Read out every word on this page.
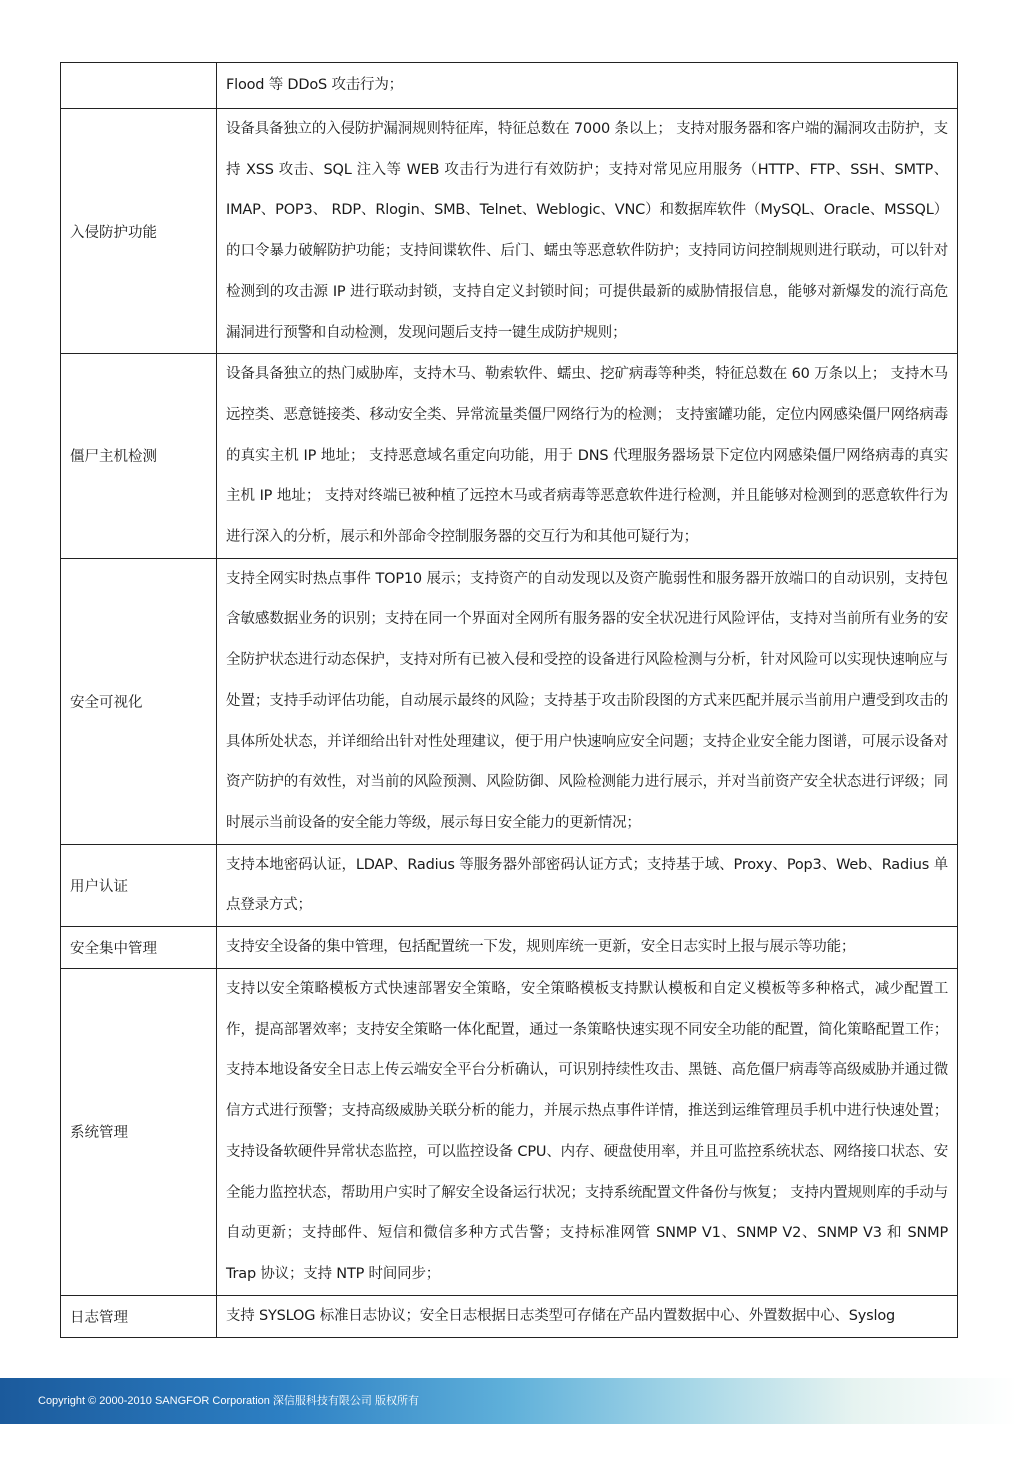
	Flood 等 DDoS 攻击行为；
入侵防护功能	设备具备独立的入侵防护漏洞规则特征库，特征总数在 7000 条以上； 支持对服务器和客户端的漏洞攻击防护，支持 XSS 攻击、SQL 注入等 WEB 攻击行为进行有效防护；支持对常见应用服务（HTTP、FTP、SSH、SMTP、IMAP、POP3、 RDP、Rlogin、SMB、Telnet、Weblogic、VNC）和数据库软件（MySQL、Oracle、MSSQL）的口令暴力破解防护功能；支持间谍软件、后门、蠕虫等恶意软件防护；支持同访问控制规则进行联动，可以针对检测到的攻击源 IP 进行联动封锁，支持自定义封锁时间；可提供最新的威胁情报信息，能够对新爆发的流行高危漏洞进行预警和自动检测，发现问题后支持一键生成防护规则；
僵尸主机检测	设备具备独立的热门威胁库，支持木马、勒索软件、蠕虫、挖矿病毒等种类，特征总数在 60 万条以上； 支持木马远控类、恶意链接类、移动安全类、异常流量类僵尸网络行为的检测； 支持蜜罐功能，定位内网感染僵尸网络病毒的真实主机 IP 地址； 支持恶意域名重定向功能，用于 DNS 代理服务器场景下定位内网感染僵尸网络病毒的真实主机 IP 地址； 支持对终端已被种植了远控木马或者病毒等恶意软件进行检测，并且能够对检测到的恶意软件行为进行深入的分析，展示和外部命令控制服务器的交互行为和其他可疑行为；
安全可视化	支持全网实时热点事件 TOP10 展示；支持资产的自动发现以及资产脆弱性和服务器开放端口的自动识别，支持包含敏感数据业务的识别；支持在同一个界面对全网所有服务器的安全状况进行风险评估，支持对当前所有业务的安全防护状态进行动态保护，支持对所有已被入侵和受控的设备进行风险检测与分析，针对风险可以实现快速响应与处置；支持手动评估功能，自动展示最终的风险；支持基于攻击阶段图的方式来匹配并展示当前用户遭受到攻击的具体所处状态，并详细给出针对性处理建议，便于用户快速响应安全问题；支持企业安全能力图谱，可展示设备对资产防护的有效性，对当前的风险预测、风险防御、风险检测能力进行展示，并对当前资产安全状态进行评级；同时展示当前设备的安全能力等级，展示每日安全能力的更新情况；
用户认证	支持本地密码认证，LDAP、Radius 等服务器外部密码认证方式；支持基于域、Proxy、Pop3、Web、Radius 单点登录方式；
安全集中管理	支持安全设备的集中管理，包括配置统一下发，规则库统一更新，安全日志实时上报与展示等功能；
系统管理	支持以安全策略模板方式快速部署安全策略，安全策略模板支持默认模板和自定义模板等多种格式，减少配置工作，提高部署效率；支持安全策略一体化配置，通过一条策略快速实现不同安全功能的配置，简化策略配置工作； 支持本地设备安全日志上传云端安全平台分析确认，可识别持续性攻击、黑链、高危僵尸病毒等高级威胁并通过微信方式进行预警；支持高级威胁关联分析的能力，并展示热点事件详情，推送到运维管理员手机中进行快速处置； 支持设备软硬件异常状态监控，可以监控设备 CPU、内存、硬盘使用率，并且可监控系统状态、网络接口状态、安全能力监控状态，帮助用户实时了解安全设备运行状况；支持系统配置文件备份与恢复； 支持内置规则库的手动与自动更新；支持邮件、短信和微信多种方式告警；支持标准网管 SNMP V1、SNMP V2、SNMP V3 和 SNMP Trap 协议；支持 NTP 时间同步；
日志管理	支持 SYSLOG 标准日志协议；安全日志根据日志类型可存储在产品内置数据中心、外置数据中心、Syslog
Copyright © 2000-2010 SANGFOR Corporation 深信服科技有限公司 版权所有
